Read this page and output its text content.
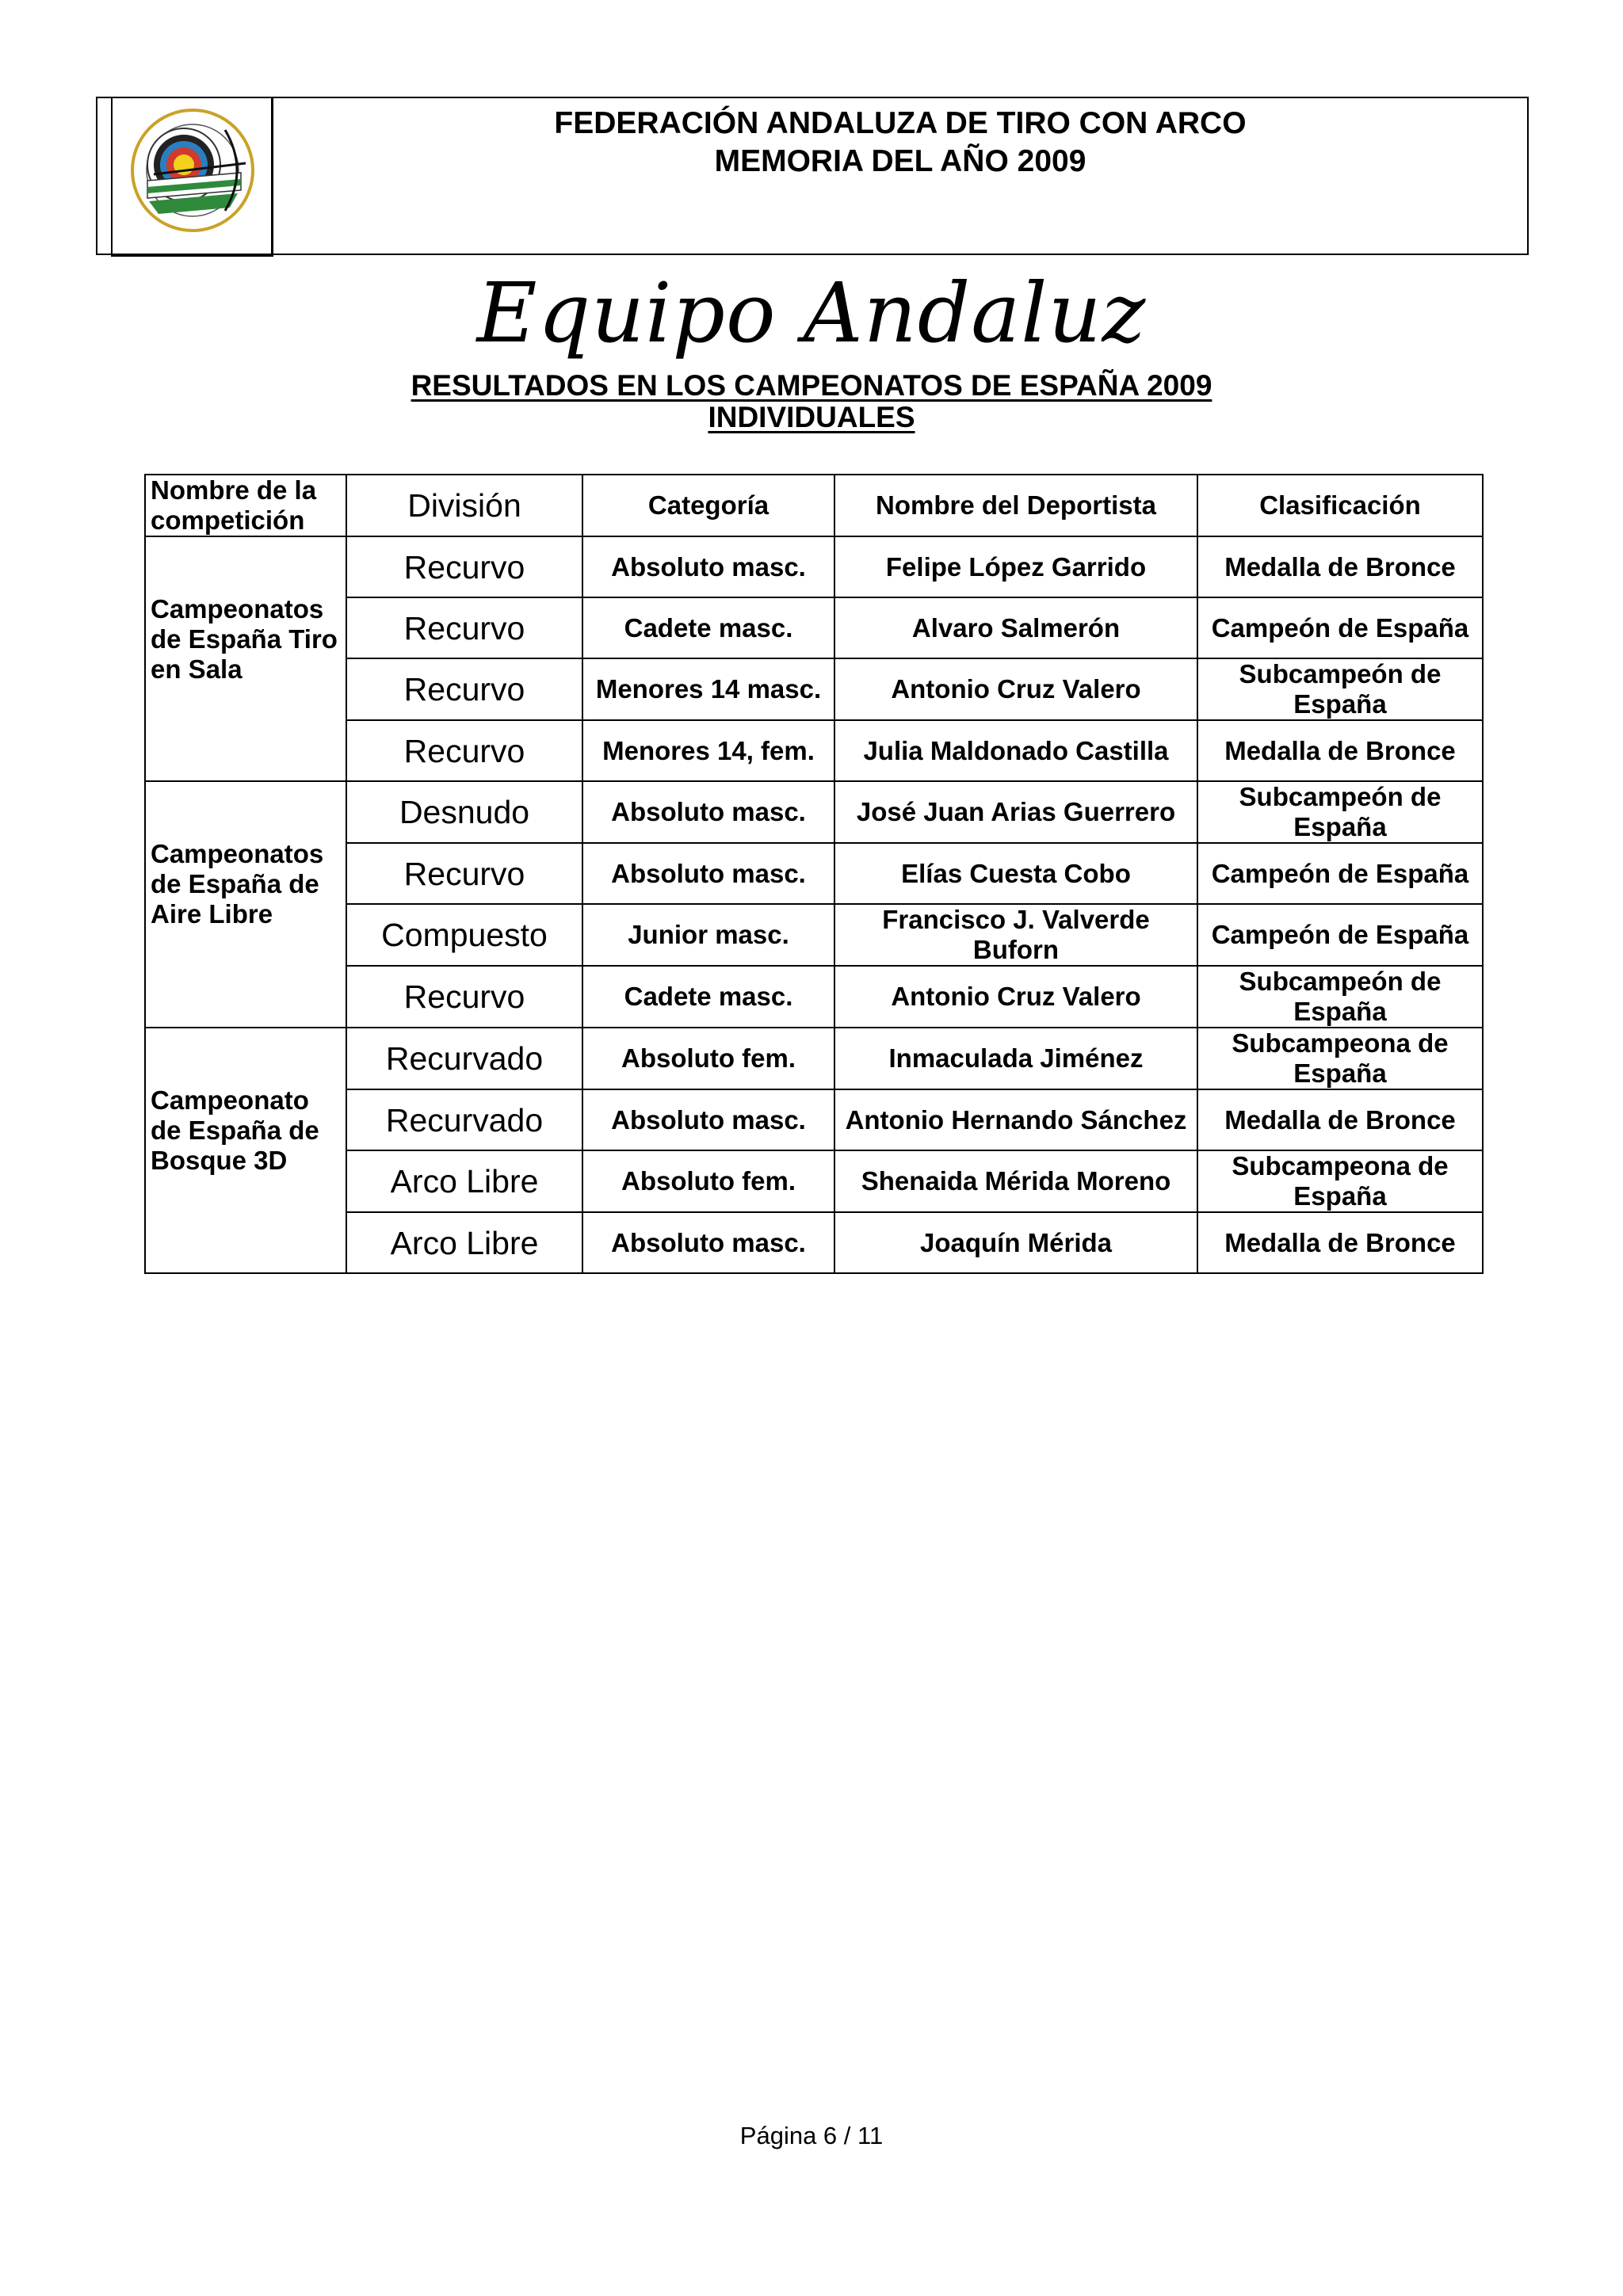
FEDERACIÓN ANDALUZA DE TIRO CON ARCO
MEMORIA DEL AÑO 2009
Equipo Andaluz
RESULTADOS EN LOS CAMPEONATOS DE ESPAÑA 2009
INDIVIDUALES
Nombre de la competición	División	Categoría	Nombre del Deportista	Clasificación
Campeonatos de España Tiro en Sala	Recurvo	Absoluto masc.	Felipe López Garrido	Medalla de Bronce
	Recurvo	Cadete masc.	Alvaro Salmerón	Campeón de España
	Recurvo	Menores 14 masc.	Antonio Cruz Valero	Subcampeón de España
	Recurvo	Menores 14, fem.	Julia Maldonado Castilla	Medalla de Bronce
Campeonatos de España de Aire Libre	Desnudo	Absoluto masc.	José Juan Arias Guerrero	Subcampeón de España
	Recurvo	Absoluto masc.	Elías Cuesta Cobo	Campeón de España
	Compuesto	Junior masc.	Francisco J. Valverde Buforn	Campeón de España
	Recurvo	Cadete masc.	Antonio Cruz Valero	Subcampeón de España
Campeonato de España de Bosque 3D	Recurvado	Absoluto fem.	Inmaculada Jiménez	Subcampeona de España
	Recurvado	Absoluto masc.	Antonio Hernando Sánchez	Medalla de Bronce
	Arco Libre	Absoluto fem.	Shenaida Mérida Moreno	Subcampeona de España
	Arco Libre	Absoluto masc.	Joaquín Mérida	Medalla de Bronce
Página 6 / 11
